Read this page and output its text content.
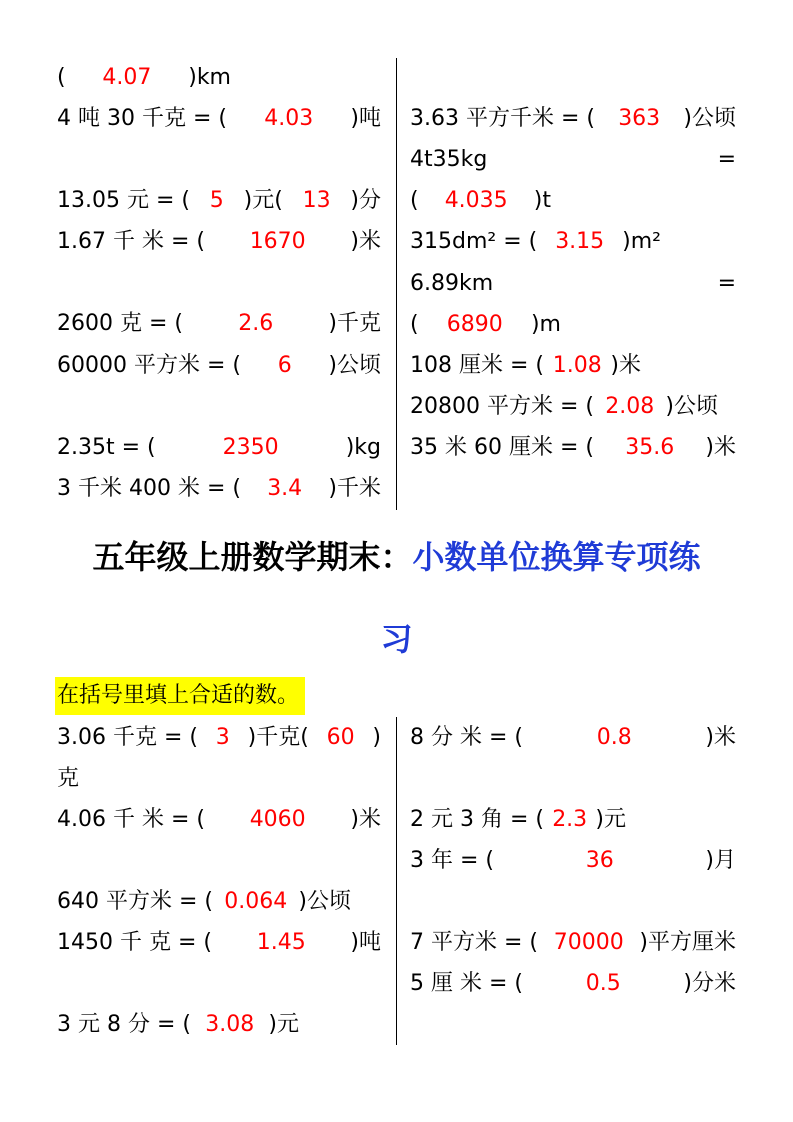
( 4.07 )km
4 吨 30 千克 = ( 4.03 )吨
13.05 元 = ( 5 )元( 13 )分
1.67 千 米 = ( 1670 )米
2600 克 = (	2.6	)千克
60000 平方米 = ( 6 )公顷
2.35t = (	2350	)kg
3 千米 400 米 = ( 3.4 )千米
3.63 平方千米 = ( 363 )公顷
4t35kg	=
( 4.035 )t
315dm² = ( 3.15 )m²
6.89km	=
( 6890 )m
108 厘米 = ( 1.08 )米
20800 平方米 = ( 2.08 )公顷
35 米 60 厘米 = ( 35.6 )米
五年级上册数学期末：小数单位换算专项练
习
在括号里填上合适的数。
3.06 千克 = ( 3 )千克( 60 )
克
4.06 千 米 = ( 4060 )米
640 平方米 = ( 0.064 )公顷
1450 千 克 = ( 1.45 )吨
3 元 8 分 = ( 3.08 )元
8 分 米 = (	0.8	)米
2 元 3 角 = ( 2.3 )元
3 年 = (	36	)月
7 平方米 = ( 70000 )平方厘米
5 厘 米 = (	0.5	)分米
